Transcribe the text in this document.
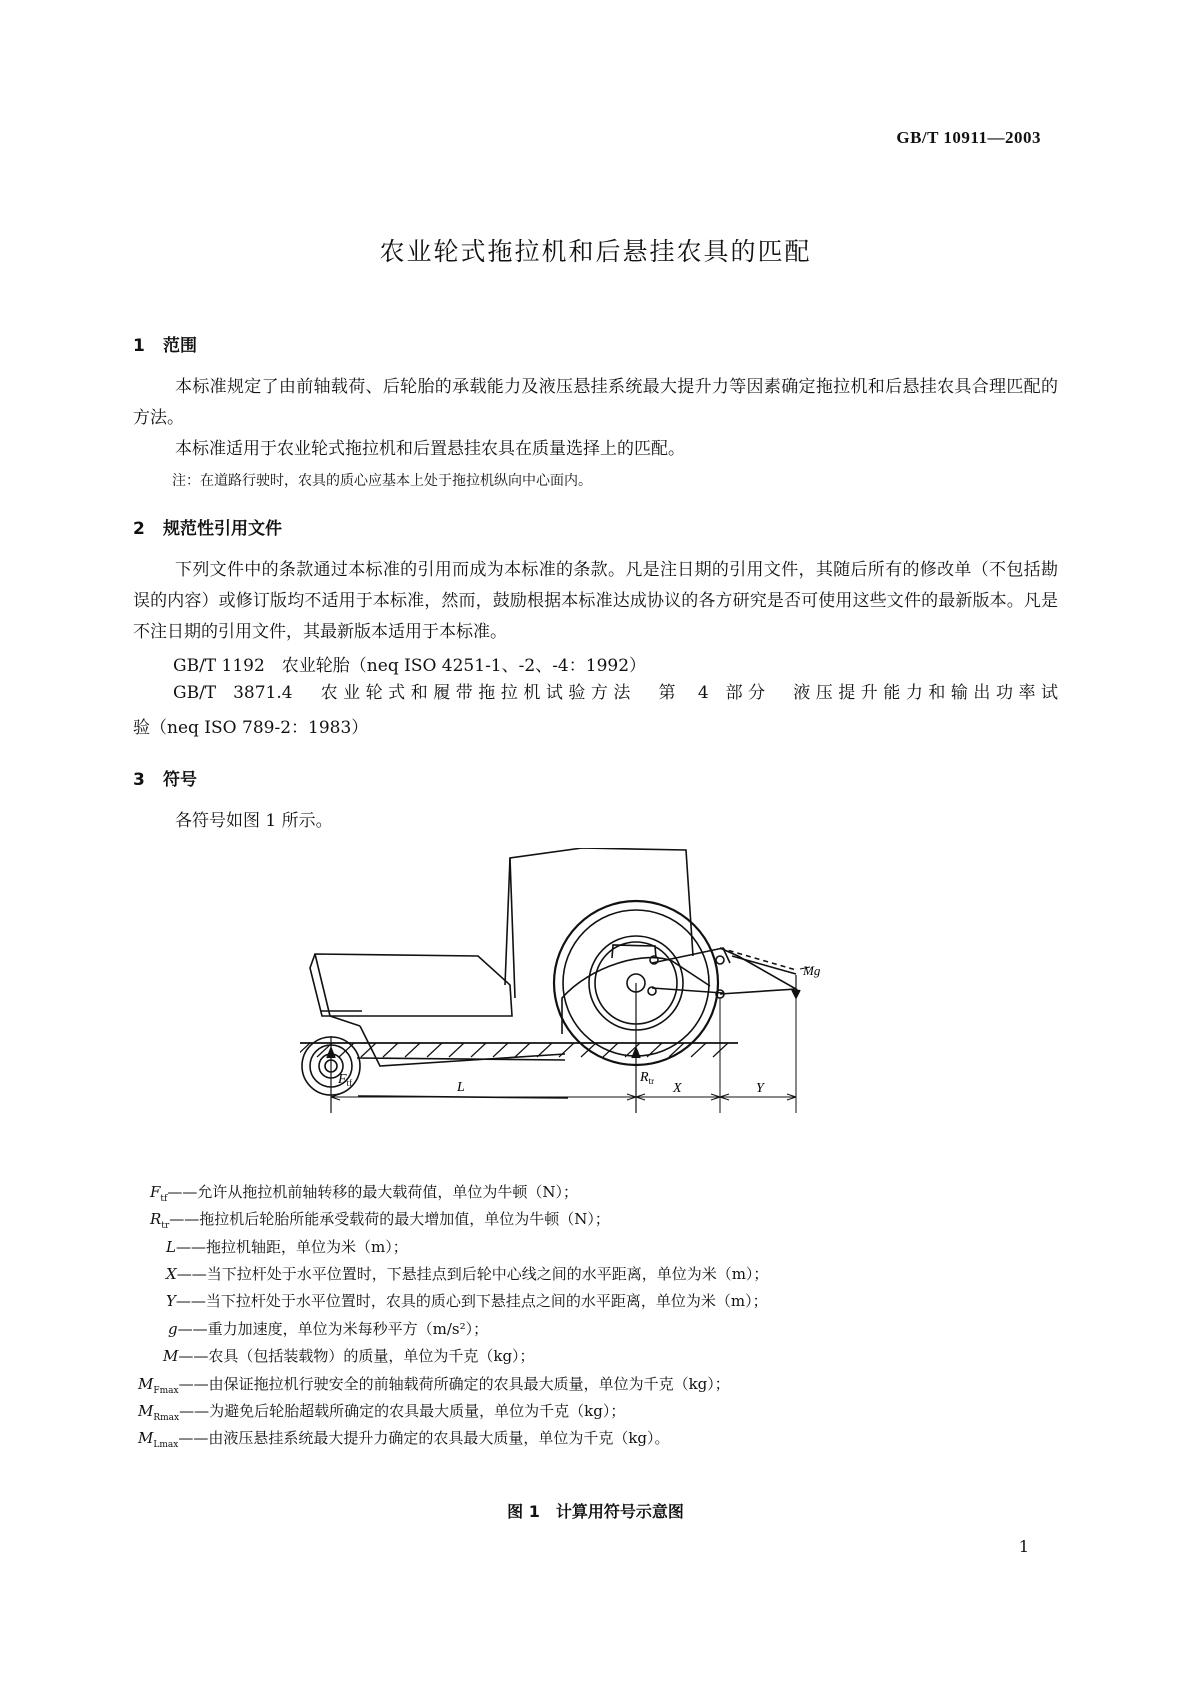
GB/T 10911—2003
农业轮式拖拉机和后悬挂农具的匹配
1 范围
本标准规定了由前轴载荷、后轮胎的承载能力及液压悬挂系统最大提升力等因素确定拖拉机和后悬挂农具合理匹配的方法。
本标准适用于农业轮式拖拉机和后置悬挂农具在质量选择上的匹配。
注：在道路行驶时，农具的质心应基本上处于拖拉机纵向中心面内。
2 规范性引用文件
下列文件中的条款通过本标准的引用而成为本标准的条款。凡是注日期的引用文件，其随后所有的修改单（不包括勘误的内容）或修订版均不适用于本标准，然而，鼓励根据本标准达成协议的各方研究是否可使用这些文件的最新版本。凡是不注日期的引用文件，其最新版本适用于本标准。
GB/T 1192　农业轮胎（neq ISO 4251-1、-2、-4：1992）
GB/T 3871.4　农业轮式和履带拖拉机试验方法　第 4 部分　液压提升能力和输出功率试
验（neq ISO 789-2：1983）
3 符号
各符号如图 1 所示。
Mg
$F_{tf}$	L
$R_{tr}$ X	Y
$F_{tf}——$允许从拖拉机前轴转移的最大载荷值，单位为牛顿（N）；
$R_{tr}——$拖拉机后轮胎所能承受载荷的最大增加值，单位为牛顿（N）；
L——拖拉机轴距，单位为米（m）；
X——当下拉杆处于水平位置时，下悬挂点到后轮中心线之间的水平距离，单位为米（m）；
Y——当下拉杆处于水平位置时，农具的质心到下悬挂点之间的水平距离，单位为米（m）；
g——重力加速度，单位为米每秒平方（m/s²）；
M——农具（包括装载物）的质量，单位为千克（kg）；
$M_{Fmax}——$由保证拖拉机行驶安全的前轴载荷所确定的农具最大质量，单位为千克（kg）；
$M_{Rmax}——$为避免后轮胎超载所确定的农具最大质量，单位为千克（kg）；
$M_{Lmax}——$由液压悬挂系统最大提升力确定的农具最大质量，单位为千克（kg）。
图 1　计算用符号示意图
1
